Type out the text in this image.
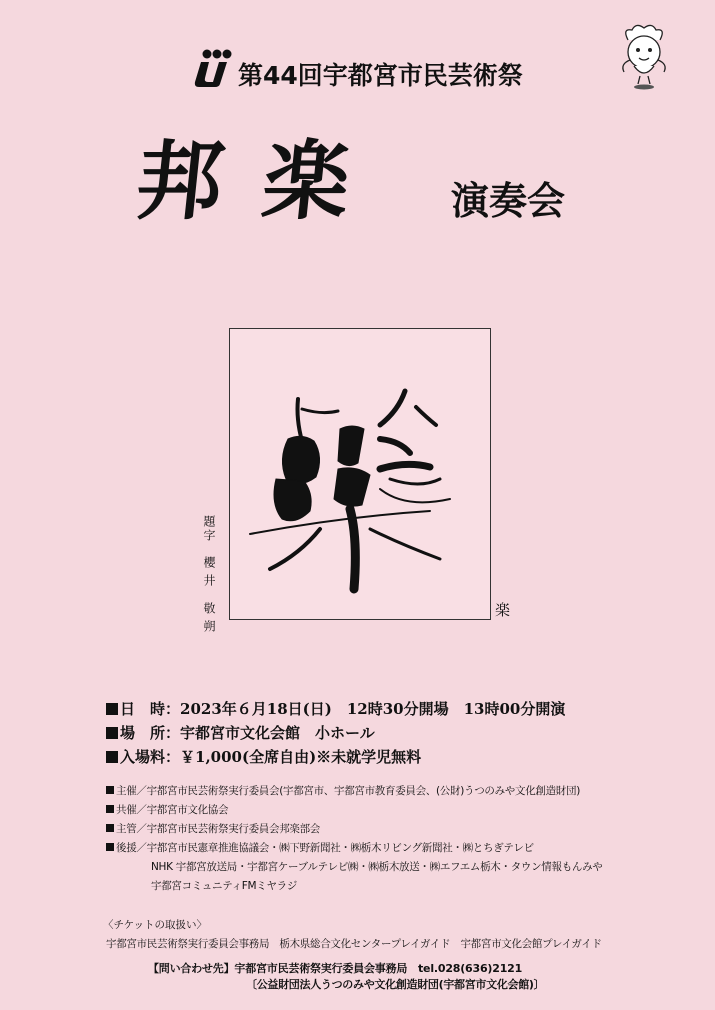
第44回宇都宮市民芸術祭
邦楽 演奏会
題字
櫻井 敬朔	楽
日　時：2023年６月18日(日)　12時30分開場　13時00分開演
場　所：宇都宮市文化会館　小ホール
入場料：￥1,000(全席自由)※未就学児無料
主催／宇都宮市民芸術祭実行委員会(宇都宮市、宇都宮市教育委員会、(公財)うつのみや文化創造財団)
共催／宇都宮市文化協会
主管／宇都宮市民芸術祭実行委員会邦楽部会
後援／宇都宮市民憲章推進協議会・㈱下野新聞社・㈱栃木リビング新聞社・㈱とちぎテレビ
NHK 宇都宮放送局・宇都宮ケーブルテレビ㈱・㈱栃木放送・㈱エフエム栃木・タウン情報もんみや
宇都宮コミュニティFMミヤラジ
〈チケットの取扱い〉
宇都宮市民芸術祭実行委員会事務局　栃木県総合文化センタープレイガイド　宇都宮市文化会館プレイガイド
【問い合わせ先】宇都宮市民芸術祭実行委員会事務局　tel.028(636)2121
〔公益財団法人うつのみや文化創造財団(宇都宮市文化会館)〕
